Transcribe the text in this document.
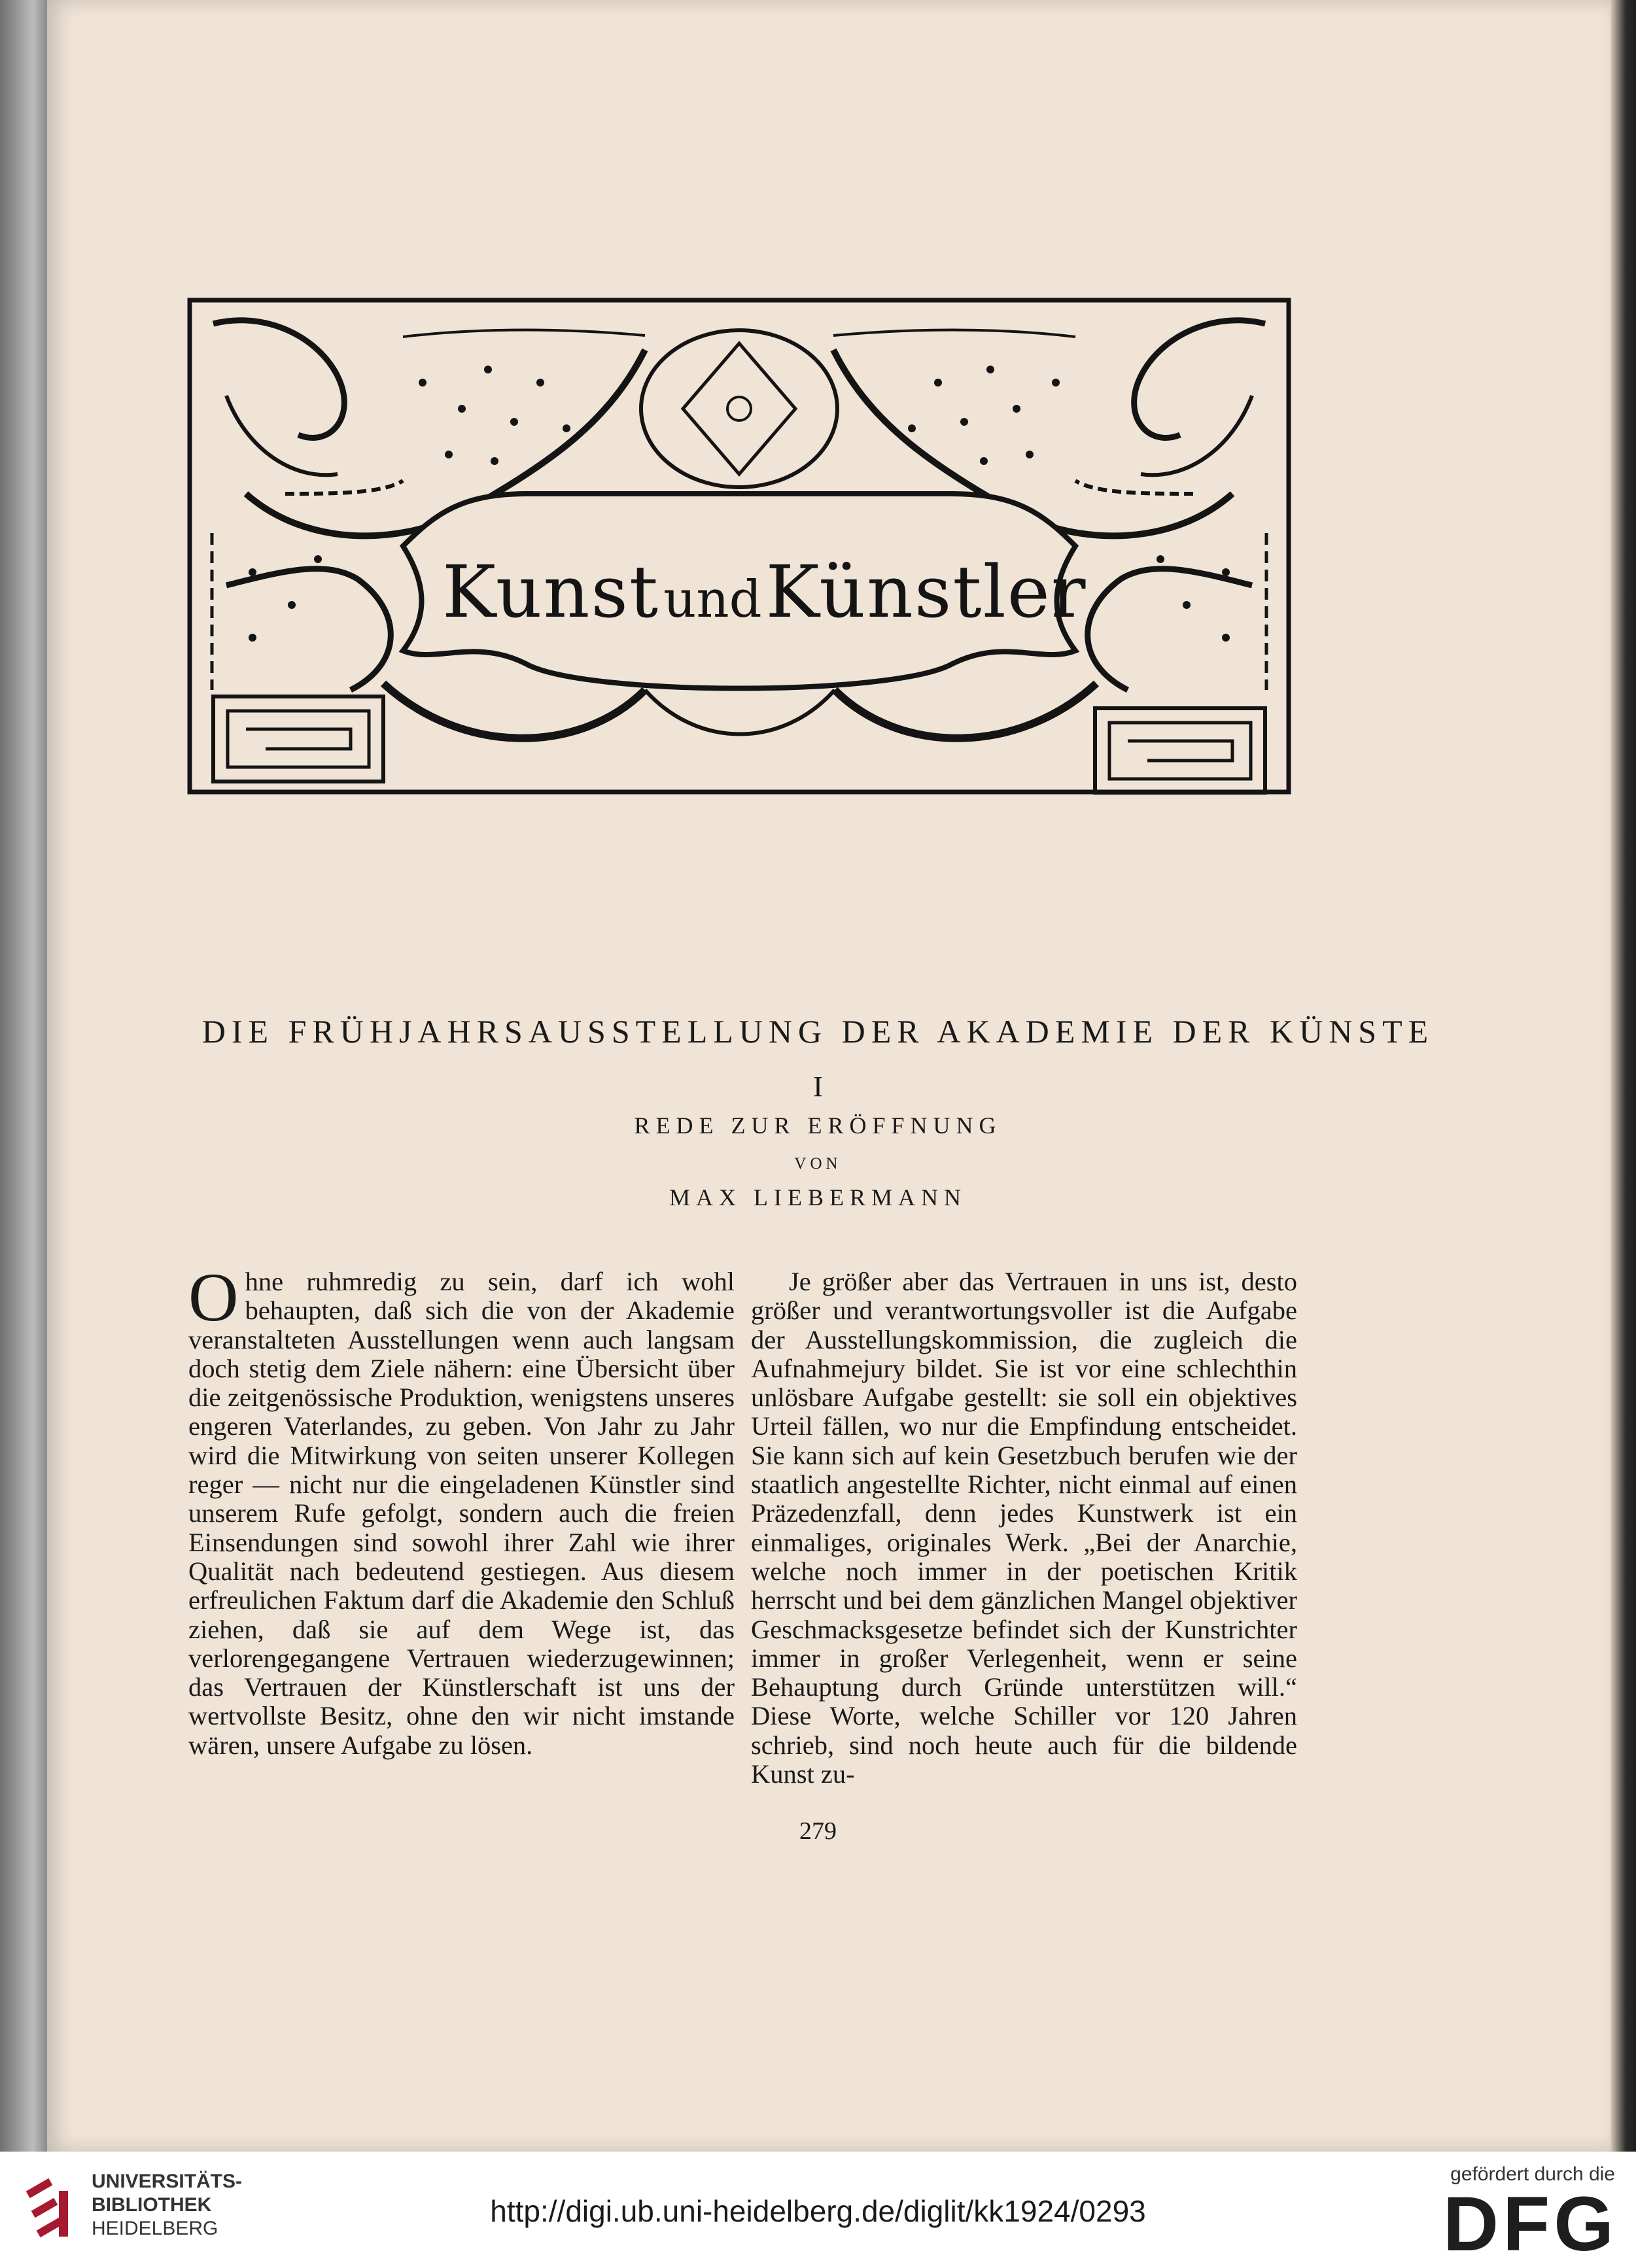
KunstundKünstler
DIE FRÜHJAHRSAUSSTELLUNG DER AKADEMIE DER KÜNSTE
I
REDE ZUR ERÖFFNUNG
VON
MAX LIEBERMANN
O hne ruhmredig zu sein, darf ich wohl behaupten, daß sich die von der Akademie veranstalteten Ausstellungen wenn auch langsam doch stetig dem Ziele nähern: eine Übersicht über die zeitgenössische Produktion, wenigstens unseres engeren Vaterlandes, zu geben. Von Jahr zu Jahr wird die Mitwirkung von seiten unserer Kollegen reger — nicht nur die eingeladenen Künstler sind unserem Rufe gefolgt, sondern auch die freien Einsendungen sind sowohl ihrer Zahl wie ihrer Qualität nach bedeutend gestiegen. Aus diesem erfreulichen Faktum darf die Akademie den Schluß ziehen, daß sie auf dem Wege ist, das verlorengegangene Vertrauen wiederzugewinnen; das Vertrauen der Künstlerschaft ist uns der wertvollste Besitz, ohne den wir nicht imstande wären, unsere Aufgabe zu lösen.

Je größer aber das Vertrauen in uns ist, desto größer und verantwortungsvoller ist die Aufgabe der Ausstellungskommission, die zugleich die Aufnahmejury bildet. Sie ist vor eine schlechthin unlösbare Aufgabe gestellt: sie soll ein objektives Urteil fällen, wo nur die Empfindung entscheidet. Sie kann sich auf kein Gesetzbuch berufen wie der staatlich angestellte Richter, nicht einmal auf einen Präzedenzfall, denn jedes Kunstwerk ist ein einmaliges, originales Werk. „Bei der Anarchie, welche noch immer in der poetischen Kritik herrscht und bei dem gänzlichen Mangel objektiver Geschmacksgesetze befindet sich der Kunstrichter immer in großer Verlegenheit, wenn er seine Behauptung durch Gründe unterstützen will.“ Diese Worte, welche Schiller vor 120 Jahren schrieb, sind noch heute auch für die bildende Kunst zu-

279
UNIVERSITÄTS-
BIBLIOTHEK
HEIDELBERG
http://digi.ub.uni-heidelberg.de/diglit/kk1924/0293
gefördert durch die
DFG
